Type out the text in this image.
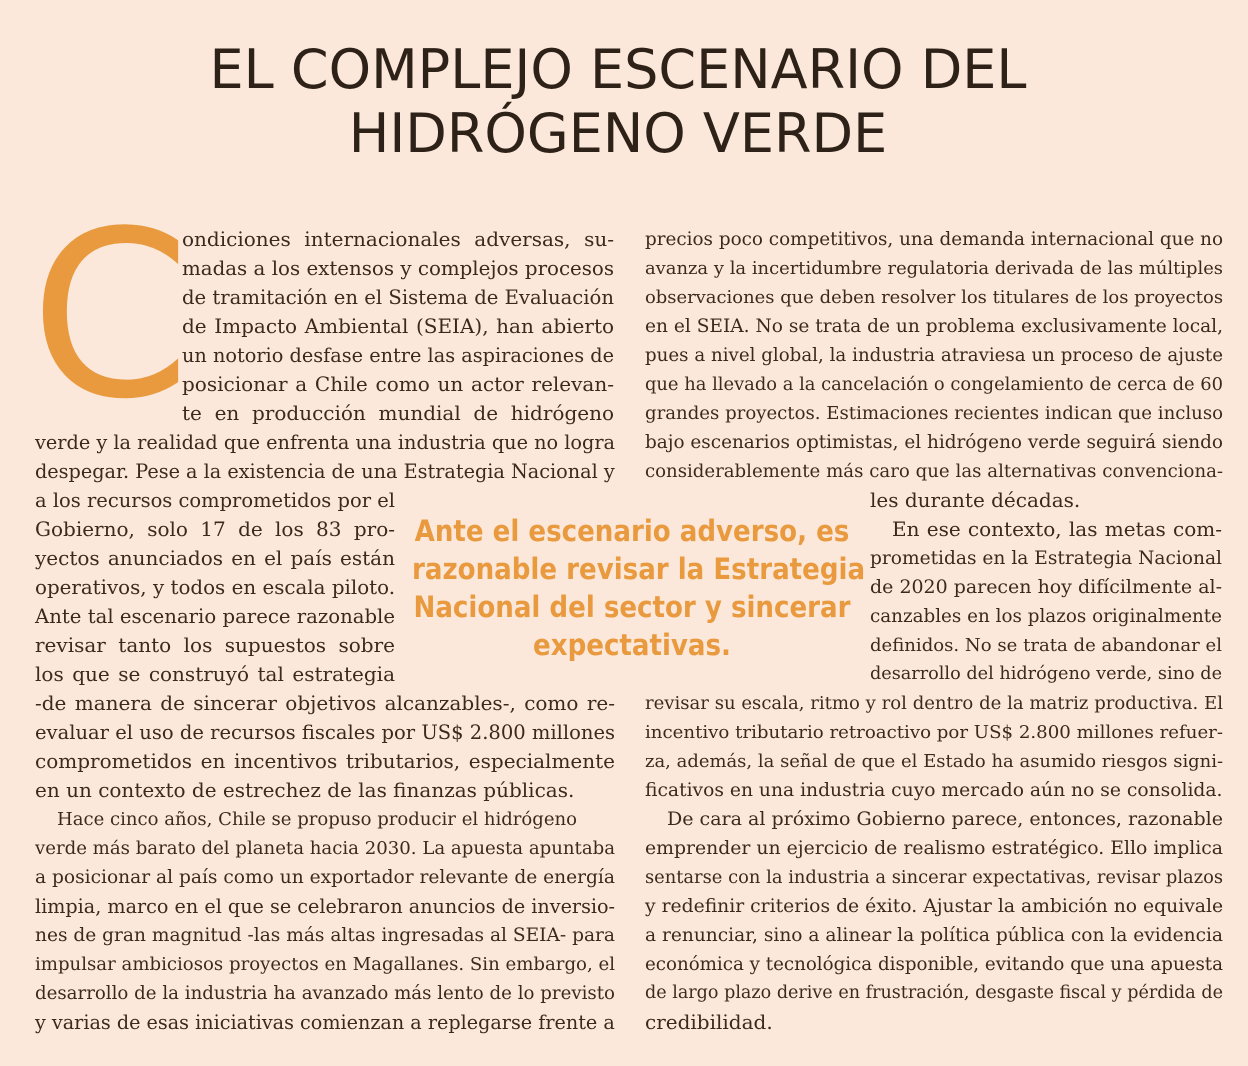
EL COMPLEJO ESCENARIO DEL
HIDRÓGENO VERDE
C
Ante el escenario adverso, es
razonable revisar la Estrategia
Nacional del sector y sincerar
expectativas.
ondiciones internacionales adversas, su-
madas a los extensos y complejos procesos
de tramitación en el Sistema de Evaluación
de Impacto Ambiental (SEIA), han abierto
un notorio desfase entre las aspiraciones de
posicionar a Chile como un actor relevan-
te en producción mundial de hidrógeno
verde y la realidad que enfrenta una industria que no logra
despegar. Pese a la existencia de una Estrategia Nacional y
a los recursos comprometidos por el
Gobierno, solo 17 de los 83 pro-
yectos anunciados en el país están
operativos, y todos en escala piloto.
Ante tal escenario parece razonable
revisar tanto los supuestos sobre
los que se construyó tal estrategia
-de manera de sincerar objetivos alcanzables-, como re-
evaluar el uso de recursos fiscales por US$ 2.800 millones
comprometidos en incentivos tributarios, especialmente
en un contexto de estrechez de las finanzas públicas.
Hace cinco años, Chile se propuso producir el hidrógeno
verde más barato del planeta hacia 2030. La apuesta apuntaba
a posicionar al país como un exportador relevante de energía
limpia, marco en el que se celebraron anuncios de inversio-
nes de gran magnitud -las más altas ingresadas al SEIA- para
impulsar ambiciosos proyectos en Magallanes. Sin embargo, el
desarrollo de la industria ha avanzado más lento de lo previsto
y varias de esas iniciativas comienzan a replegarse frente a
precios poco competitivos, una demanda internacional que no
avanza y la incertidumbre regulatoria derivada de las múltiples
observaciones que deben resolver los titulares de los proyectos
en el SEIA. No se trata de un problema exclusivamente local,
pues a nivel global, la industria atraviesa un proceso de ajuste
que ha llevado a la cancelación o congelamiento de cerca de 60
grandes proyectos. Estimaciones recientes indican que incluso
bajo escenarios optimistas, el hidrógeno verde seguirá siendo
considerablemente más caro que las alternativas convenciona-
les durante décadas.
En ese contexto, las metas com-
prometidas en la Estrategia Nacional
de 2020 parecen hoy difícilmente al-
canzables en los plazos originalmente
definidos. No se trata de abandonar el
desarrollo del hidrógeno verde, sino de
revisar su escala, ritmo y rol dentro de la matriz productiva. El
incentivo tributario retroactivo por US$ 2.800 millones refuer-
za, además, la señal de que el Estado ha asumido riesgos signi-
ficativos en una industria cuyo mercado aún no se consolida.
De cara al próximo Gobierno parece, entonces, razonable
emprender un ejercicio de realismo estratégico. Ello implica
sentarse con la industria a sincerar expectativas, revisar plazos
y redefinir criterios de éxito. Ajustar la ambición no equivale
a renunciar, sino a alinear la política pública con la evidencia
económica y tecnológica disponible, evitando que una apuesta
de largo plazo derive en frustración, desgaste fiscal y pérdida de
credibilidad.
